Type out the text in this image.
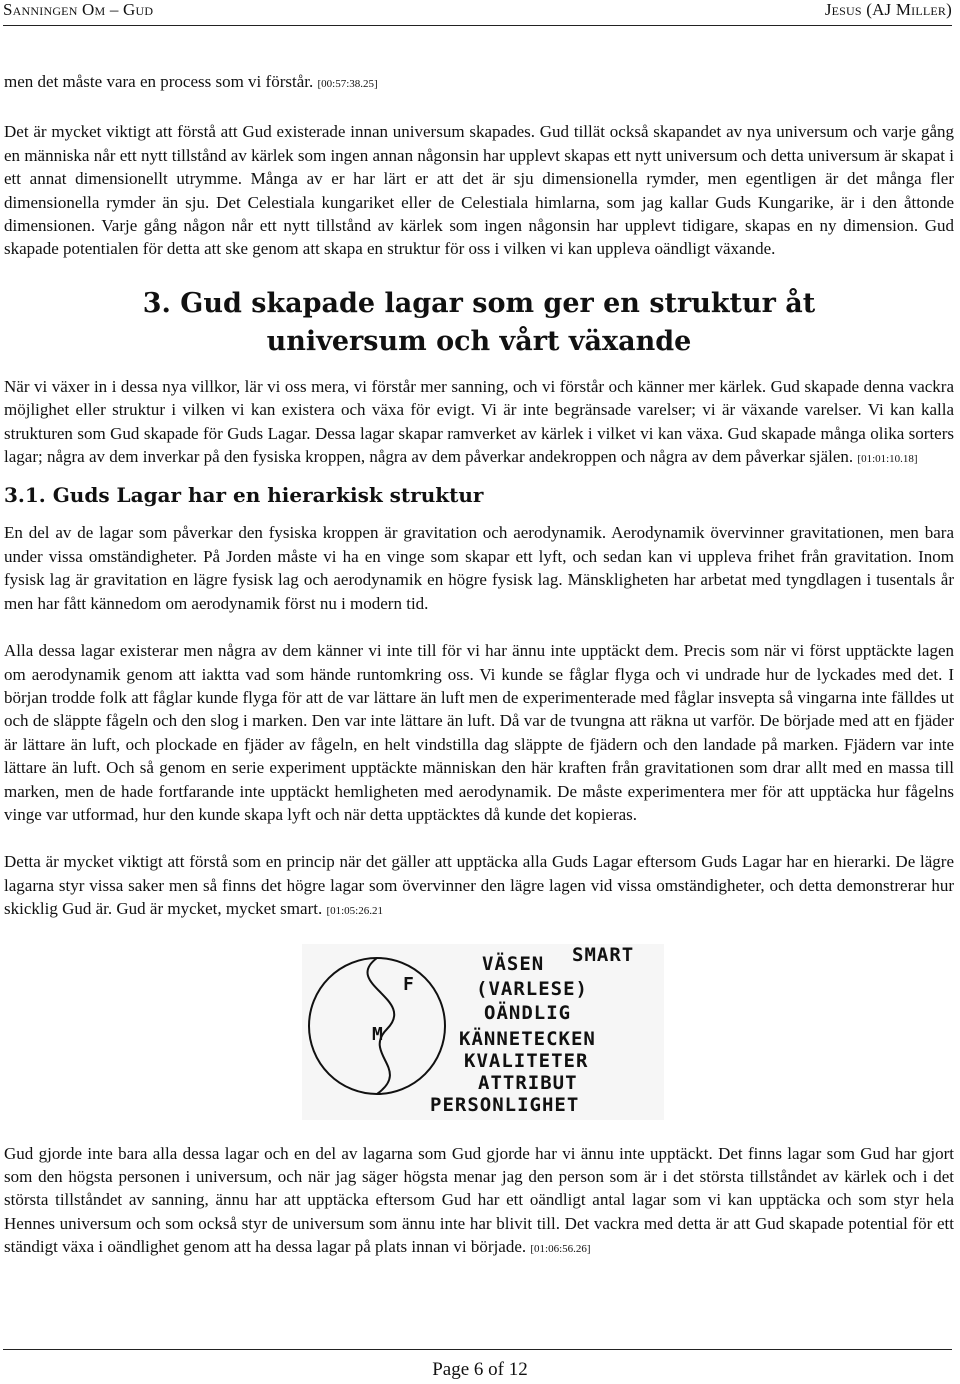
Sanningen Om – Gud	Jesus (AJ Miller)

men det måste vara en process som vi förstår. [00:57:38.25]

Det är mycket viktigt att förstå att Gud existerade innan universum skapades. Gud tillät också skapandet av nya universum och varje gång en människa når ett nytt tillstånd av kärlek som ingen annan någonsin har upplevt skapas ett nytt universum och detta universum är skapat i ett annat dimensionellt utrymme. Många av er har lärt er att det är sju dimensionella rymder, men egentligen är det många fler dimensionella rymder än sju. Det Celestiala kungariket eller de Celestiala himlarna, som jag kallar Guds Kungarike, är i den åttonde dimensionen. Varje gång någon når ett nytt tillstånd av kärlek som ingen någonsin har upplevt tidigare, skapas en ny dimension. Gud skapade potentialen för detta att ske genom att skapa en struktur för oss i vilken vi kan uppleva oändligt växande.

3. Gud skapade lagar som ger en struktur åt universum och vårt växande

När vi växer in i dessa nya villkor, lär vi oss mera, vi förstår mer sanning, och vi förstår och känner mer kärlek. Gud skapade denna vackra möjlighet eller struktur i vilken vi kan existera och växa för evigt. Vi är inte begränsade varelser; vi är växande varelser. Vi kan kalla strukturen som Gud skapade för Guds Lagar. Dessa lagar skapar ramverket av kärlek i vilket vi kan växa. Gud skapade många olika sorters lagar; några av dem inverkar på den fysiska kroppen, några av dem påverkar andekroppen och några av dem påverkar själen. [01:01:10.18]

3.1. Guds Lagar har en hierarkisk struktur

En del av de lagar som påverkar den fysiska kroppen är gravitation och aerodynamik. Aerodynamik övervinner gravitationen, men bara under vissa omständigheter. På Jorden måste vi ha en vinge som skapar ett lyft, och sedan kan vi uppleva frihet från gravitation. Inom fysisk lag är gravitation en lägre fysisk lag och aerodynamik en högre fysisk lag. Mänskligheten har arbetat med tyngdlagen i tusentals år men har fått kännedom om aerodynamik först nu i modern tid.

Alla dessa lagar existerar men några av dem känner vi inte till för vi har ännu inte upptäckt dem. Precis som när vi först upptäckte lagen om aerodynamik genom att iaktta vad som hände runtomkring oss. Vi kunde se fåglar flyga och vi undrade hur de lyckades med det. I början trodde folk att fåglar kunde flyga för att de var lättare än luft men de experimenterade med fåglar insvepta så vingarna inte fälldes ut och de släppte fågeln och den slog i marken. Den var inte lättare än luft. Då var de tvungna att räkna ut varför. De började med att en fjäder är lättare än luft, och plockade en fjäder av fågeln, en helt vindstilla dag släppte de fjädern och den landade på marken. Fjädern var inte lättare än luft. Och så genom en serie experiment upptäckte människan den här kraften från gravitationen som drar allt med en massa till marken, men de hade fortfarande inte upptäckt hemligheten med aerodynamik. De måste experimentera mer för att upptäcka hur fågelns vinge var utformad, hur den kunde skapa lyft och när detta upptäcktes då kunde det kopieras.

Detta är mycket viktigt att förstå som en princip när det gäller att upptäcka alla Guds Lagar eftersom Guds Lagar har en hierarki. De lägre lagarna styr vissa saker men så finns det högre lagar som övervinner den lägre lagen vid vissa omständigheter, och detta demonstrerar hur skicklig Gud är. Gud är mycket, mycket smart. [01:05:26.21

SMART
VÄSEN
(VARLESE)
OÄNDLIG
KÄNNETECKEN
KVALITETER
ATTRIBUT
PERSONLIGHET
F
M

Gud gjorde inte bara alla dessa lagar och en del av lagarna som Gud gjorde har vi ännu inte upptäckt. Det finns lagar som Gud har gjort som den högsta personen i universum, och när jag säger högsta menar jag den person som är i det största tillståndet av kärlek och i det största tillståndet av sanning, ännu har att upptäcka eftersom Gud har ett oändligt antal lagar som vi kan upptäcka och som styr hela Hennes universum och som också styr de universum som ännu inte har blivit till. Det vackra med detta är att Gud skapade potential för ett ständigt växa i oändlighet genom att ha dessa lagar på plats innan vi började. [01:06:56.26]

Page 6 of 12
